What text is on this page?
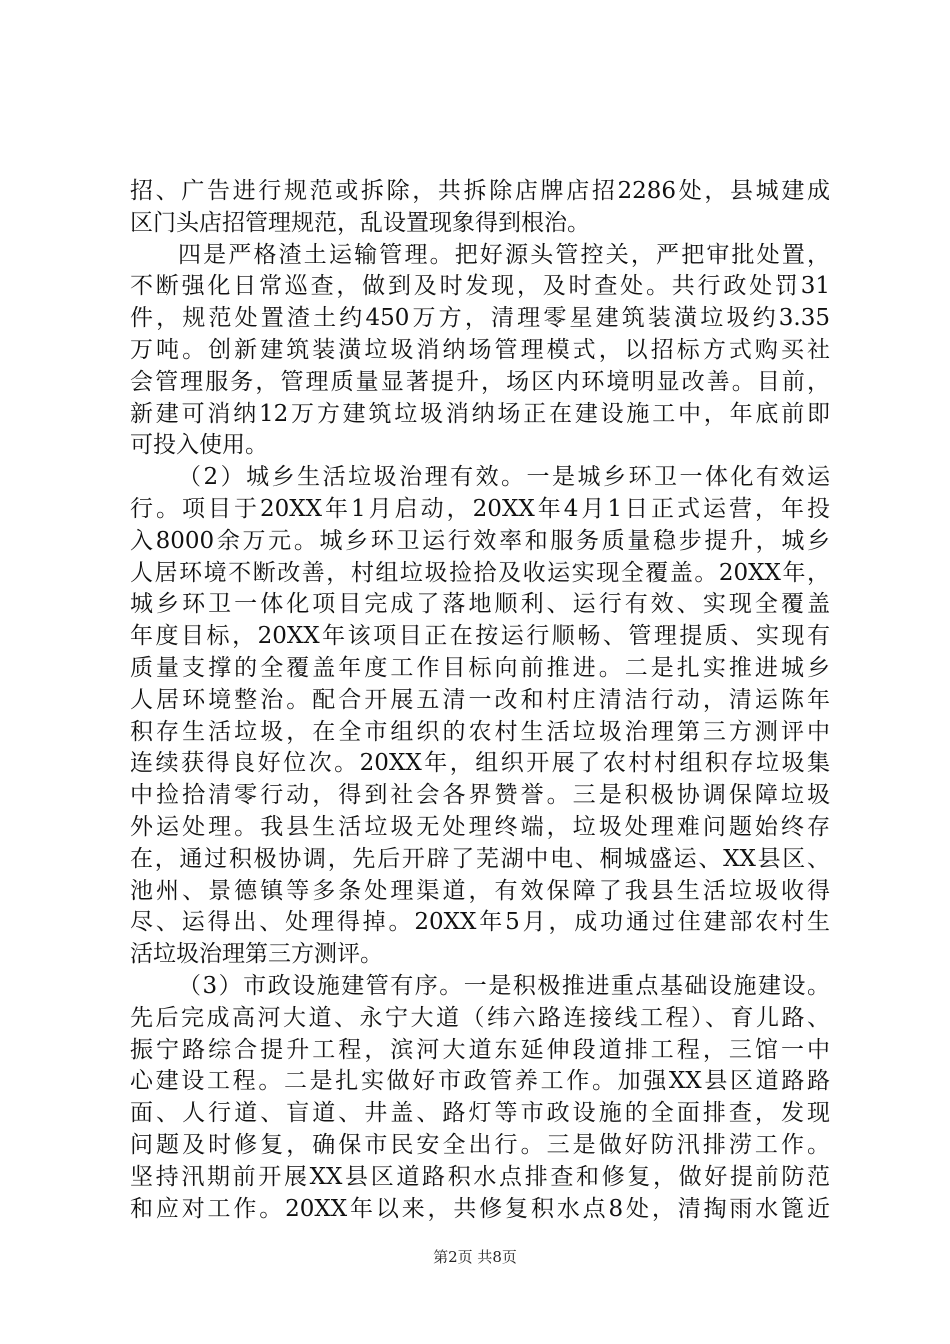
招、广告进行规范或拆除，共拆除店牌店招2286处，县城建成
区门头店招管理规范，乱设置现象得到根治。
四是严格渣土运输管理。把好源头管控关，严把审批处置，
不断强化日常巡查，做到及时发现，及时查处。共行政处罚31
件，规范处置渣土约450万方，清理零星建筑装潢垃圾约3.35
万吨。创新建筑装潢垃圾消纳场管理模式，以招标方式购买社
会管理服务，管理质量显著提升，场区内环境明显改善。目前，
新建可消纳12万方建筑垃圾消纳场正在建设施工中，年底前即
可投入使用。
（2）城乡生活垃圾治理有效。一是城乡环卫一体化有效运
行。项目于20XX年1月启动，20XX年4月1日正式运营，年投
入8000余万元。城乡环卫运行效率和服务质量稳步提升，城乡
人居环境不断改善，村组垃圾捡拾及收运实现全覆盖。20XX年，
城乡环卫一体化项目完成了落地顺利、运行有效、实现全覆盖
年度目标，20XX年该项目正在按运行顺畅、管理提质、实现有
质量支撑的全覆盖年度工作目标向前推进。二是扎实推进城乡
人居环境整治。配合开展五清一改和村庄清洁行动，清运陈年
积存生活垃圾，在全市组织的农村生活垃圾治理第三方测评中
连续获得良好位次。20XX年，组织开展了农村村组积存垃圾集
中捡拾清零行动，得到社会各界赞誉。三是积极协调保障垃圾
外运处理。我县生活垃圾无处理终端，垃圾处理难问题始终存
在，通过积极协调，先后开辟了芜湖中电、桐城盛运、XX县区、
池州、景德镇等多条处理渠道，有效保障了我县生活垃圾收得
尽、运得出、处理得掉。20XX年5月，成功通过住建部农村生
活垃圾治理第三方测评。
（3）市政设施建管有序。一是积极推进重点基础设施建设。
先后完成高河大道、永宁大道（纬六路连接线工程）、育儿路、
振宁路综合提升工程，滨河大道东延伸段道排工程，三馆一中
心建设工程。二是扎实做好市政管养工作。加强XX县区道路路
面、人行道、盲道、井盖、路灯等市政设施的全面排查，发现
问题及时修复，确保市民安全出行。三是做好防汛排涝工作。
坚持汛期前开展XX县区道路积水点排查和修复，做好提前防范
和应对工作。20XX年以来，共修复积水点8处，清掏雨水篦近
第2页 共8页
